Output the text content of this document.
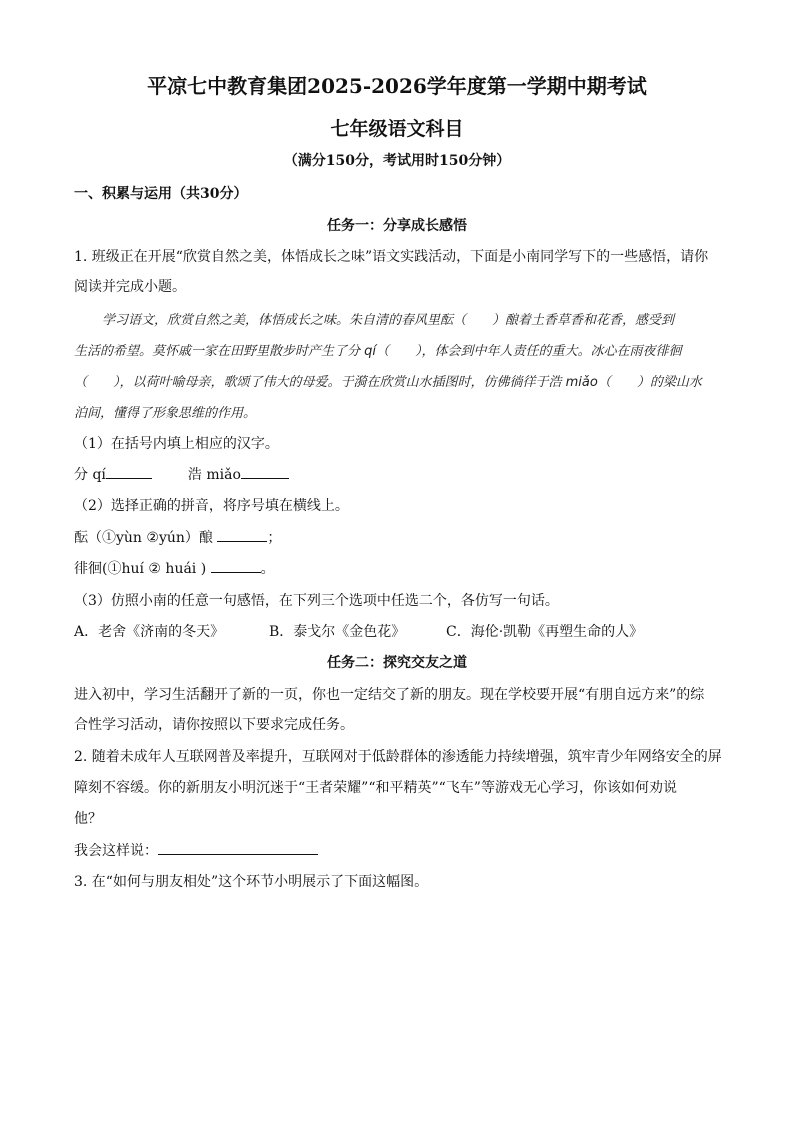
平凉七中教育集团2025-2026学年度第一学期中期考试
七年级语文科目
（满分150分，考试用时150分钟）
一、积累与运用（共30分）
任务一：分享成长感悟
1. 班级正在开展“欣赏自然之美，体悟成长之味”语文实践活动，下面是小南同学写下的一些感悟，请你
阅读并完成小题。
学习语文，欣赏自然之美，体悟成长之味。朱自清的春风里酝（　　）酿着土香草香和花香，感受到
生活的希望。莫怀戚一家在田野里散步时产生了分 qí（　　），体会到中年人责任的重大。冰心在雨夜徘徊
（　　），以荷叶喻母亲，歌颂了伟大的母爱。于漪在欣赏山水插图时，仿佛徜徉于浩 miǎo（　　）的梁山水
泊间，懂得了形象思维的作用。
（1）在括号内填上相应的汉字。
分 qí	浩 miǎo
（2）选择正确的拼音，将序号填在横线上。
酝（①yùn ②yún）酿	；
徘徊(①huí ② huái )	。
（3）仿照小南的任意一句感悟，在下列三个选项中任选二个，各仿写一句话。
A．老舍《济南的冬天》	B．泰戈尔《金色花》	C．海伦·凯勒《再塑生命的人》
任务二：探究交友之道
进入初中，学习生活翻开了新的一页，你也一定结交了新的朋友。现在学校要开展“有朋自远方来”的综
合性学习活动，请你按照以下要求完成任务。
2. 随着未成年人互联网普及率提升，互联网对于低龄群体的渗透能力持续增强，筑牢青少年网络安全的屏
障刻不容缓。你的新朋友小明沉迷于“王者荣耀”“和平精英”“飞车”等游戏无心学习，你该如何劝说
他？
我会这样说：
3. 在“如何与朋友相处”这个环节小明展示了下面这幅图。
